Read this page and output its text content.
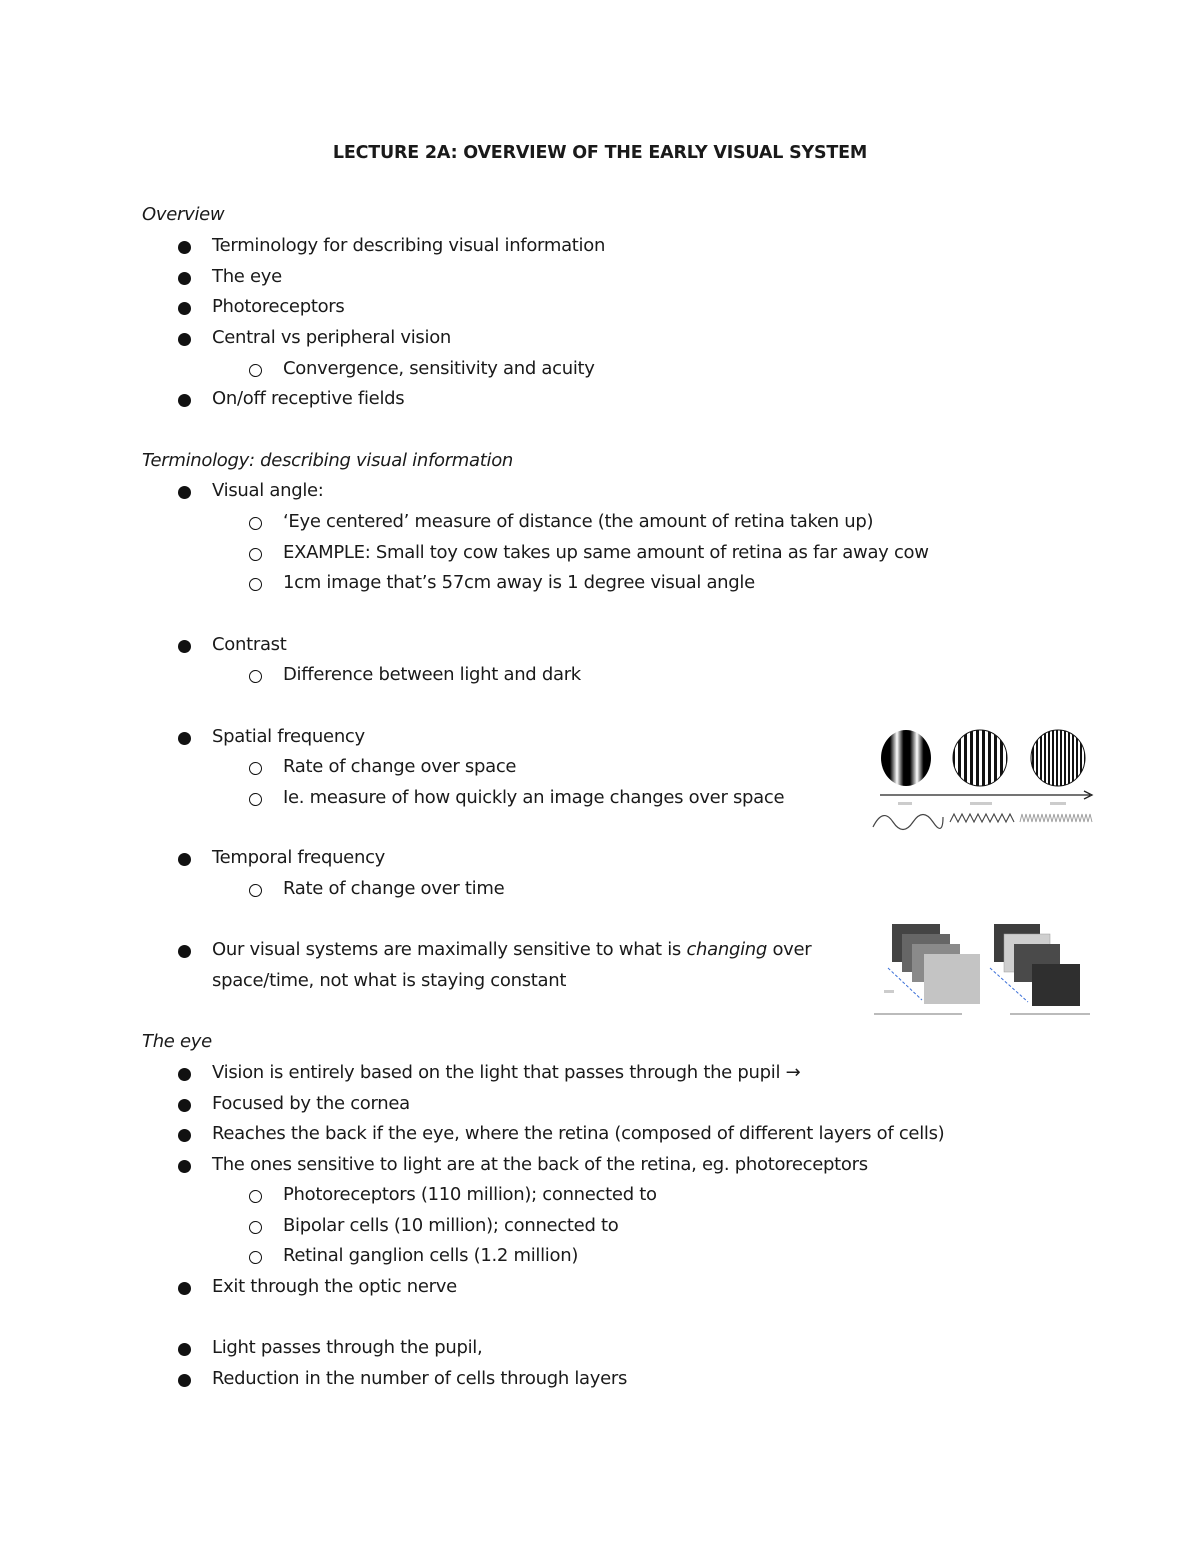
LECTURE 2A: OVERVIEW OF THE EARLY VISUAL SYSTEM
Overview
Terminology for describing visual information
The eye
Photoreceptors
Central vs peripheral vision
Convergence, sensitivity and acuity
On/off receptive fields
Terminology: describing visual information
Visual angle:
‘Eye centered’ measure of distance (the amount of retina taken up)
EXAMPLE: Small toy cow takes up same amount of retina as far away cow
1cm image that’s 57cm away is 1 degree visual angle
Contrast
Difference between light and dark
Spatial frequency
Rate of change over space
Ie. measure of how quickly an image changes over space
Temporal frequency
Rate of change over time
Our visual systems are maximally sensitive to what is changing over
space/time, not what is staying constant
The eye
Vision is entirely based on the light that passes through the pupil →
Focused by the cornea
Reaches the back if the eye, where the retina (composed of different layers of cells)
The ones sensitive to light are at the back of the retina, eg. photoreceptors
Photoreceptors (110 million); connected to
Bipolar cells (10 million); connected to
Retinal ganglion cells (1.2 million)
Exit through the optic nerve
Light passes through the pupil,
Reduction in the number of cells through layers
